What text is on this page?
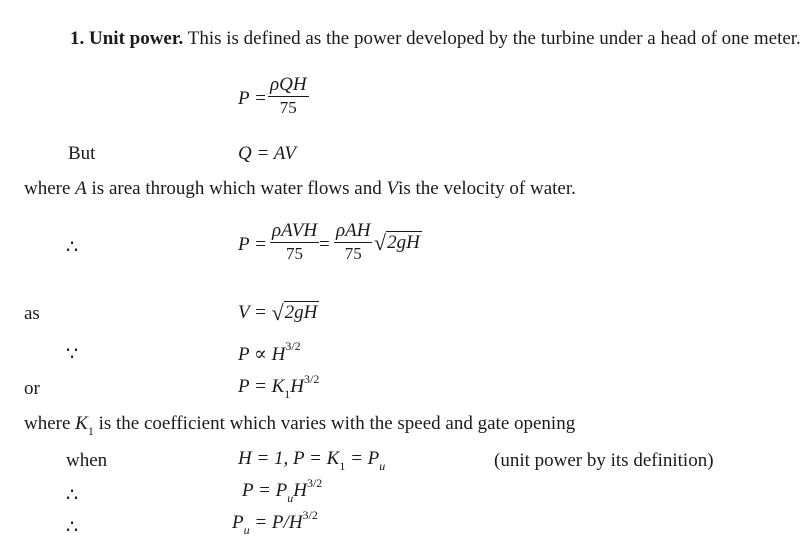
1. Unit power. This is defined as the power developed by the turbine under a head of one meter.
P =
ρQH
75
But	Q = AV
where A is area through which water flows and Vis the velocity of water.
∴	P =
ρAVH
75 =
ρAH
75 √2gH
as	V = √2gH
∵	$P \propto H^{3/2}$
or	$P = K_1H^{3/2}$
where $K_1$ is the coefficient which varies with the speed and gate opening
when	H = 1, $P = K_1 = P_u$	(unit power by its definition)
∴	$P = P_uH^{3/2}$
∴	$P_u = P/H^{3/2}$
